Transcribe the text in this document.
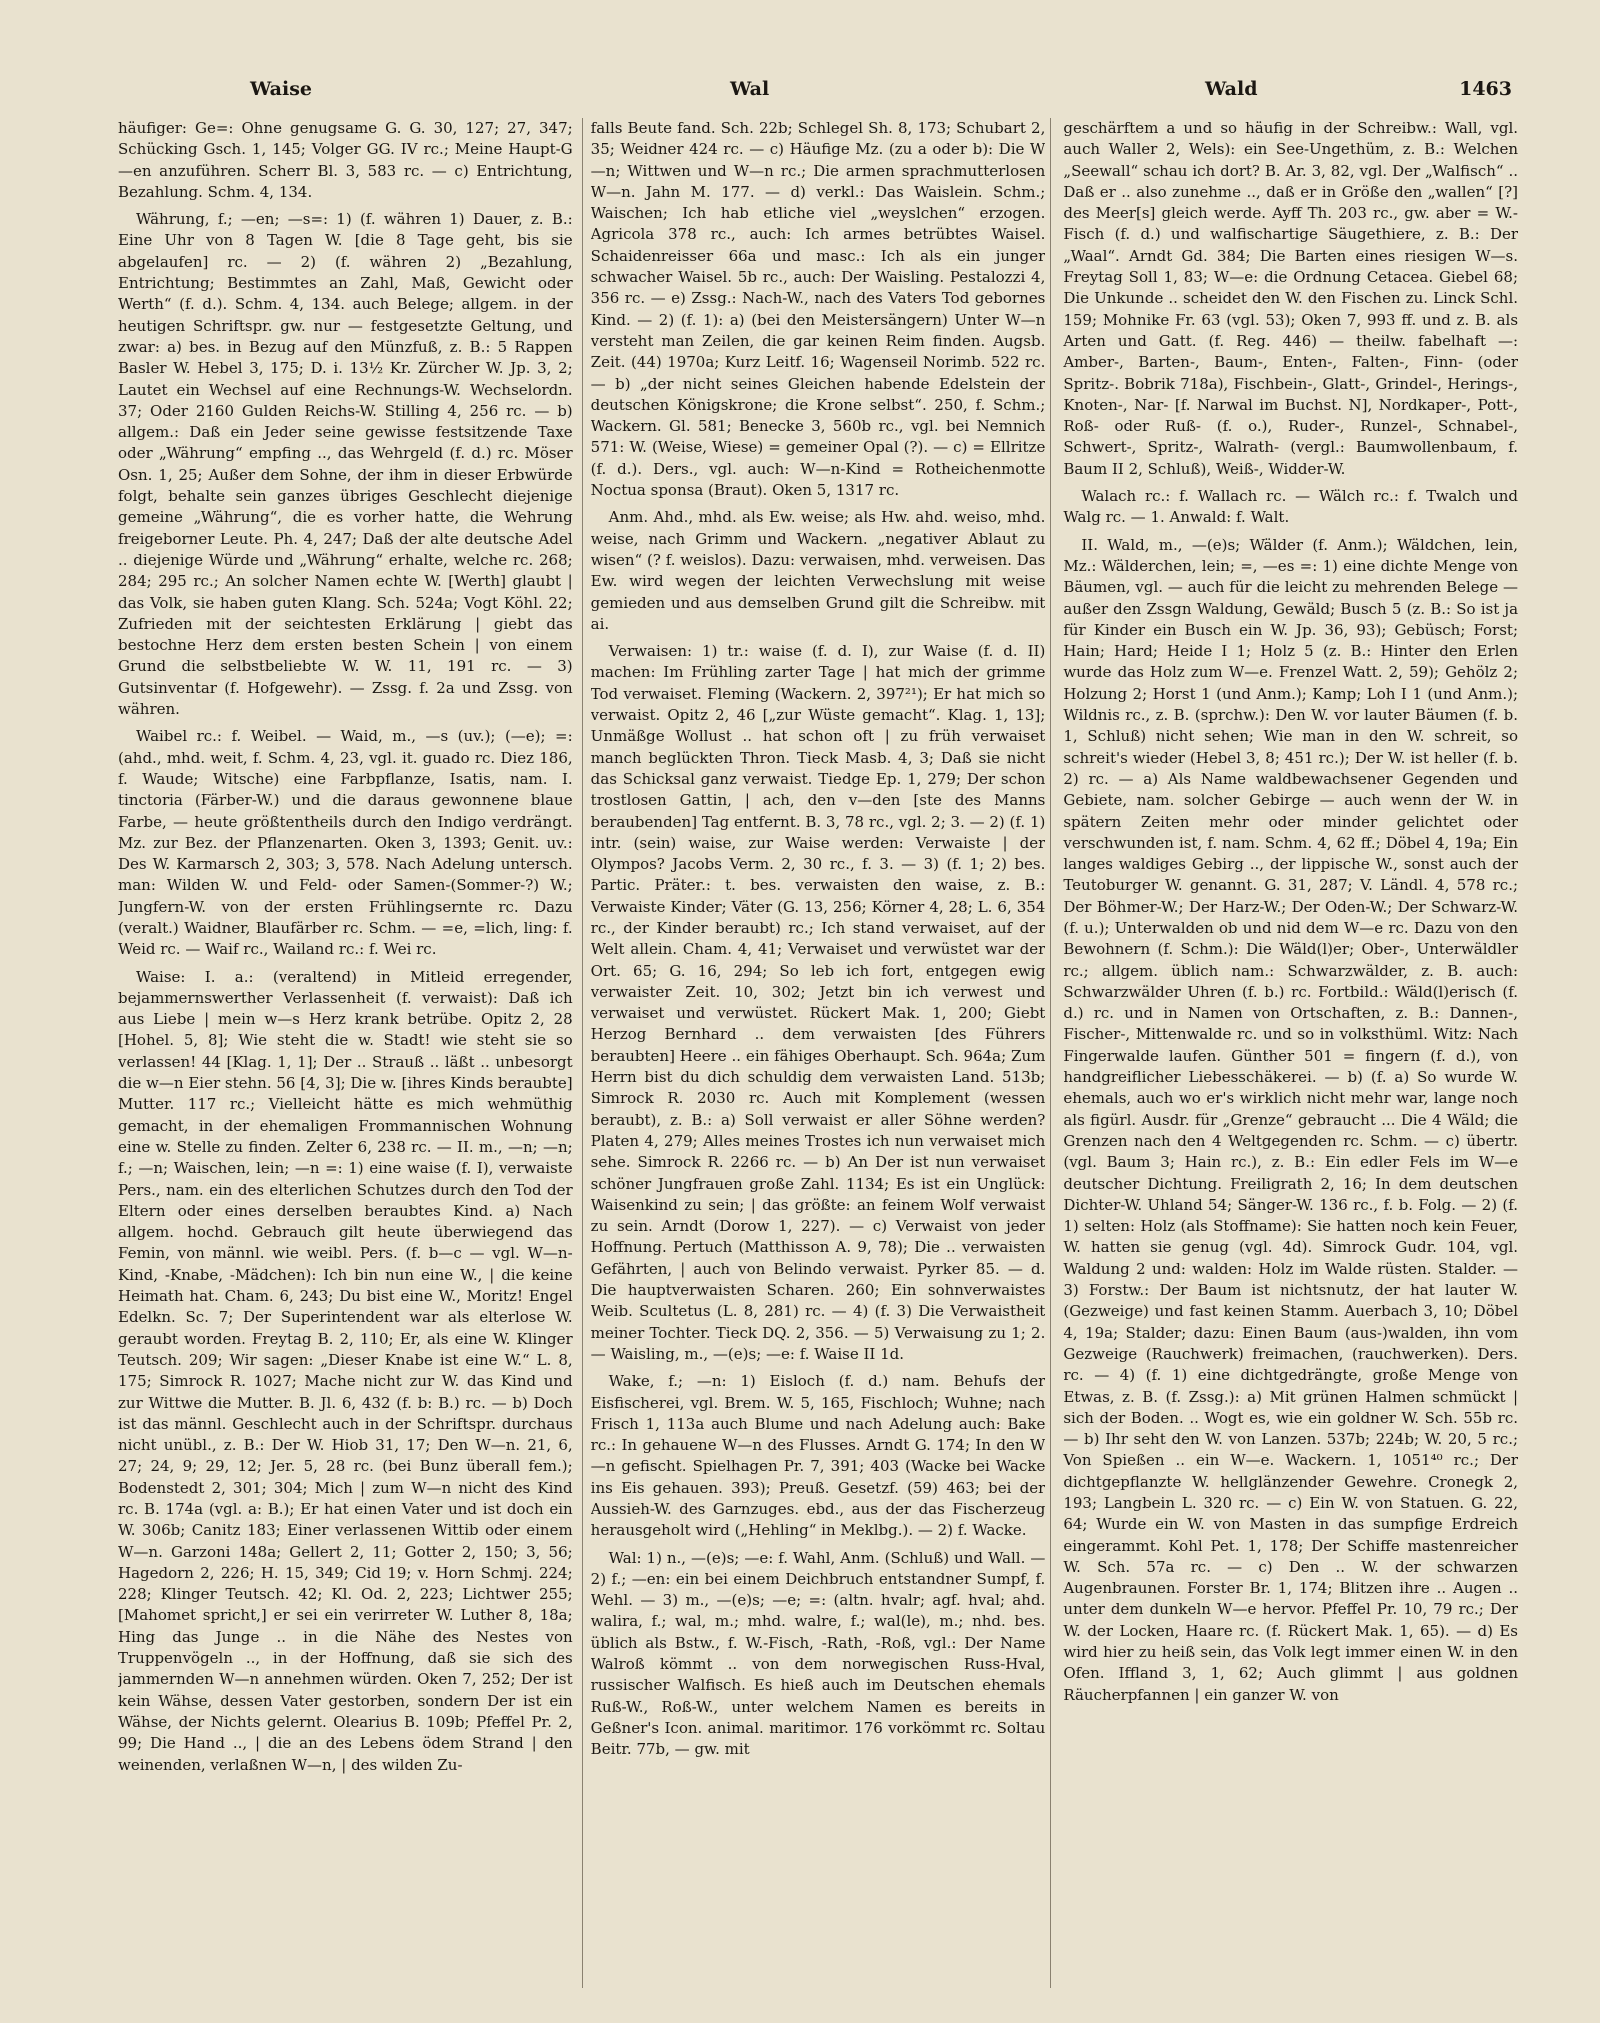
Waise	Wal	Wald	1463

häufiger: Ge=: Ohne genugsame G. G. 30, 127; 27, 347; Schücking Gsch. 1, 145; Volger GG. IV rc.; Meine Haupt-G—en anzuführen. Scherr Bl. 3, 583 rc. — c) Entrichtung, Bezahlung. Schm. 4, 134.

Währung, f.; —en; —s=: 1) (f. währen 1) Dauer, z. B.: Eine Uhr von 8 Tagen W. [die 8 Tage geht, bis sie abgelaufen] rc. — 2) (f. währen 2) „Bezahlung, Entrichtung; Bestimmtes an Zahl, Maß, Gewicht oder Werth“ (f. d.). Schm. 4, 134. auch Belege; allgem. in der heutigen Schriftspr. gw. nur — festgesetzte Geltung, und zwar: a) bes. in Bezug auf den Münzfuß, z. B.: 5 Rappen Basler W. Hebel 3, 175; D. i. 13½ Kr. Zürcher W. Jp. 3, 2; Lautet ein Wechsel auf eine Rechnungs-W. Wechselordn. 37; Oder 2160 Gulden Reichs-W. Stilling 4, 256 rc. — b) allgem.: Daß ein Jeder seine gewisse festsitzende Taxe oder „Währung“ empfing .., das Wehrgeld (f. d.) rc. Möser Osn. 1, 25; Außer dem Sohne, der ihm in dieser Erbwürde folgt, behalte sein ganzes übriges Geschlecht diejenige gemeine „Währung“, die es vorher hatte, die Wehrung freigeborner Leute. Ph. 4, 247; Daß der alte deutsche Adel .. diejenige Würde und „Währung“ erhalte, welche rc. 268; 284; 295 rc.; An solcher Namen echte W. [Werth] glaubt | das Volk, sie haben guten Klang. Sch. 524a; Vogt Köhl. 22; Zufrieden mit der seichtesten Erklärung | giebt das bestochne Herz dem ersten besten Schein | von einem Grund die selbstbeliebte W. W. 11, 191 rc. — 3) Gutsinventar (f. Hofgewehr). — Zssg. f. 2a und Zssg. von währen.

Waibel rc.: f. Weibel. — Waid, m., —s (uv.); (—e); =: (ahd., mhd. weit, f. Schm. 4, 23, vgl. it. guado rc. Diez 186, f. Waude; Witsche) eine Farbpflanze, Isatis, nam. I. tinctoria (Färber-W.) und die daraus gewonnene blaue Farbe, — heute größtentheils durch den Indigo verdrängt. Mz. zur Bez. der Pflanzenarten. Oken 3, 1393; Genit. uv.: Des W. Karmarsch 2, 303; 3, 578. Nach Adelung untersch. man: Wilden W. und Feld- oder Samen-(Sommer-?) W.; Jungfern-W. von der ersten Frühlingsernte rc. Dazu (veralt.) Waidner, Blaufärber rc. Schm. — =e, =lich, ling: f. Weid rc. — Waif rc., Wailand rc.: f. Wei rc.

Waise: I. a.: (veraltend) in Mitleid erregender, bejammernswerther Verlassenheit (f. verwaist): Daß ich aus Liebe | mein w—s Herz krank betrübe. Opitz 2, 28 [Hohel. 5, 8]; Wie steht die w. Stadt! wie steht sie so verlassen! 44 [Klag. 1, 1]; Der .. Strauß .. läßt .. unbesorgt die w—n Eier stehn. 56 [4, 3]; Die w. [ihres Kinds beraubte] Mutter. 117 rc.; Vielleicht hätte es mich wehmüthig gemacht, in der ehemaligen Frommannischen Wohnung eine w. Stelle zu finden. Zelter 6, 238 rc. — II. m., —n; —n; f.; —n; Waischen, lein; —n =: 1) eine waise (f. I), verwaiste Pers., nam. ein des elterlichen Schutzes durch den Tod der Eltern oder eines derselben beraubtes Kind. a) Nach allgem. hochd. Gebrauch gilt heute überwiegend das Femin, von männl. wie weibl. Pers. (f. b—c — vgl. W—n-Kind, -Knabe, -Mädchen): Ich bin nun eine W., | die keine Heimath hat. Cham. 6, 243; Du bist eine W., Moritz! Engel Edelkn. Sc. 7; Der Superintendent war als elterlose W. geraubt worden. Freytag B. 2, 110; Er, als eine W. Klinger Teutsch. 209; Wir sagen: „Dieser Knabe ist eine W.“ L. 8, 175; Simrock R. 1027; Mache nicht zur W. das Kind und zur Wittwe die Mutter. B. Jl. 6, 432 (f. b: B.) rc. — b) Doch ist das männl. Geschlecht auch in der Schriftspr. durchaus nicht unübl., z. B.: Der W. Hiob 31, 17; Den W—n. 21, 6, 27; 24, 9; 29, 12; Jer. 5, 28 rc. (bei Bunz überall fem.); Bodenstedt 2, 301; 304; Mich | zum W—n nicht des Kind rc. B. 174a (vgl. a: B.); Er hat einen Vater und ist doch ein W. 306b; Canitz 183; Einer verlassenen Wittib oder einem W—n. Garzoni 148a; Gellert 2, 11; Gotter 2, 150; 3, 56; Hagedorn 2, 226; H. 15, 349; Cid 19; v. Horn Schmj. 224; 228; Klinger Teutsch. 42; Kl. Od. 2, 223; Lichtwer 255; [Mahomet spricht,] er sei ein verirreter W. Luther 8, 18a; Hing das Junge .. in die Nähe des Nestes von Truppenvögeln .., in der Hoffnung, daß sie sich des jammernden W—n annehmen würden. Oken 7, 252; Der ist kein Wähse, dessen Vater gestorben, sondern Der ist ein Wähse, der Nichts gelernt. Olearius B. 109b; Pfeffel Pr. 2, 99; Die Hand .., | die an des Lebens ödem Strand | den weinenden, verlaßnen W—n, | des wilden Zu-

falls Beute fand. Sch. 22b; Schlegel Sh. 8, 173; Schubart 2, 35; Weidner 424 rc. — c) Häufige Mz. (zu a oder b): Die W—n; Wittwen und W—n rc.; Die armen sprachmutterlosen W—n. Jahn M. 177. — d) verkl.: Das Waislein. Schm.; Waischen; Ich hab etliche viel „weyslchen“ erzogen. Agricola 378 rc., auch: Ich armes betrübtes Waisel. Schaidenreisser 66a und masc.: Ich als ein junger schwacher Waisel. 5b rc., auch: Der Waisling. Pestalozzi 4, 356 rc. — e) Zssg.: Nach-W., nach des Vaters Tod gebornes Kind. — 2) (f. 1): a) (bei den Meistersängern) Unter W—n versteht man Zeilen, die gar keinen Reim finden. Augsb. Zeit. (44) 1970a; Kurz Leitf. 16; Wagenseil Norimb. 522 rc. — b) „der nicht seines Gleichen habende Edelstein der deutschen Königskrone; die Krone selbst“. 250, f. Schm.; Wackern. Gl. 581; Benecke 3, 560b rc., vgl. bei Nemnich 571: W. (Weise, Wiese) = gemeiner Opal (?). — c) = Ellritze (f. d.). Ders., vgl. auch: W—n-Kind = Rotheichenmotte Noctua sponsa (Braut). Oken 5, 1317 rc.

Anm. Ahd., mhd. als Ew. weise; als Hw. ahd. weiso, mhd. weise, nach Grimm und Wackern. „negativer Ablaut zu wisen“ (? f. weislos). Dazu: verwaisen, mhd. verweisen. Das Ew. wird wegen der leichten Verwechslung mit weise gemieden und aus demselben Grund gilt die Schreibw. mit ai.

Verwaisen: 1) tr.: waise (f. d. I), zur Waise (f. d. II) machen: Im Frühling zarter Tage | hat mich der grimme Tod verwaiset. Fleming (Wackern. 2, 397²¹); Er hat mich so verwaist. Opitz 2, 46 [„zur Wüste gemacht“. Klag. 1, 13]; Unmäßge Wollust .. hat schon oft | zu früh verwaiset manch beglückten Thron. Tieck Masb. 4, 3; Daß sie nicht das Schicksal ganz verwaist. Tiedge Ep. 1, 279; Der schon trostlosen Gattin, | ach, den v—den [ste des Manns beraubenden] Tag entfernt. B. 3, 78 rc., vgl. 2; 3. — 2) (f. 1) intr. (sein) waise, zur Waise werden: Verwaiste | der Olympos? Jacobs Verm. 2, 30 rc., f. 3. — 3) (f. 1; 2) bes. Partic. Präter.: t. bes. verwaisten den waise, z. B.: Verwaiste Kinder; Väter (G. 13, 256; Körner 4, 28; L. 6, 354 rc., der Kinder beraubt) rc.; Ich stand verwaiset, auf der Welt allein. Cham. 4, 41; Verwaiset und verwüstet war der Ort. 65; G. 16, 294; So leb ich fort, entgegen ewig verwaister Zeit. 10, 302; Jetzt bin ich verwest und verwaiset und verwüstet. Rückert Mak. 1, 200; Giebt Herzog Bernhard .. dem verwaisten [des Führers beraubten] Heere .. ein fähiges Oberhaupt. Sch. 964a; Zum Herrn bist du dich schuldig dem verwaisten Land. 513b; Simrock R. 2030 rc. Auch mit Komplement (wessen beraubt), z. B.: a) Soll verwaist er aller Söhne werden? Platen 4, 279; Alles meines Trostes ich nun verwaiset mich sehe. Simrock R. 2266 rc. — b) An Der ist nun verwaiset schöner Jungfrauen große Zahl. 1134; Es ist ein Unglück: Waisenkind zu sein; | das größte: an feinem Wolf verwaist zu sein. Arndt (Dorow 1, 227). — c) Verwaist von jeder Hoffnung. Pertuch (Matthisson A. 9, 78); Die .. verwaisten Gefährten, | auch von Belindo verwaist. Pyrker 85. — d. Die hauptverwaisten Scharen. 260; Ein sohnverwaistes Weib. Scultetus (L. 8, 281) rc. — 4) (f. 3) Die Verwaistheit meiner Tochter. Tieck DQ. 2, 356. — 5) Verwaisung zu 1; 2. — Waisling, m., —(e)s; —e: f. Waise II 1d.

Wake, f.; —n: 1) Eisloch (f. d.) nam. Behufs der Eisfischerei, vgl. Brem. W. 5, 165, Fischloch; Wuhne; nach Frisch 1, 113a auch Blume und nach Adelung auch: Bake rc.: In gehauene W—n des Flusses. Arndt G. 174; In den W—n gefischt. Spielhagen Pr. 7, 391; 403 (Wacke bei Wacke ins Eis gehauen. 393); Preuß. Gesetzf. (59) 463; bei der Aussieh-W. des Garnzuges. ebd., aus der das Fischerzeug herausgeholt wird („Hehling“ in Meklbg.). — 2) f. Wacke.

Wal: 1) n., —(e)s; —e: f. Wahl, Anm. (Schluß) und Wall. — 2) f.; —en: ein bei einem Deichbruch entstandner Sumpf, f. Wehl. — 3) m., —(e)s; —e; =: (altn. hvalr; agf. hval; ahd. walira, f.; wal, m.; mhd. walre, f.; wal(le), m.; nhd. bes. üblich als Bstw., f. W.-Fisch, -Rath, -Roß, vgl.: Der Name Walroß kömmt .. von dem norwegischen Russ-Hval, russischer Walfisch. Es hieß auch im Deutschen ehemals Ruß-W., Roß-W., unter welchem Namen es bereits in Geßner's Icon. animal. maritimor. 176 vorkömmt rc. Soltau Beitr. 77b, — gw. mit

geschärftem a und so häufig in der Schreibw.: Wall, vgl. auch Waller 2, Wels): ein See-Ungethüm, z. B.: Welchen „Seewall“ schau ich dort? B. Ar. 3, 82, vgl. Der „Walfisch“ .. Daß er .. also zunehme .., daß er in Größe den „wallen“ [?] des Meer[s] gleich werde. Ayff Th. 203 rc., gw. aber = W.-Fisch (f. d.) und walfischartige Säugethiere, z. B.: Der „Waal“. Arndt Gd. 384; Die Barten eines riesigen W—s. Freytag Soll 1, 83; W—e: die Ordnung Cetacea. Giebel 68; Die Unkunde .. scheidet den W. den Fischen zu. Linck Schl. 159; Mohnike Fr. 63 (vgl. 53); Oken 7, 993 ff. und z. B. als Arten und Gatt. (f. Reg. 446) — theilw. fabelhaft —: Amber-, Barten-, Baum-, Enten-, Falten-, Finn- (oder Spritz-. Bobrik 718a), Fischbein-, Glatt-, Grindel-, Herings-, Knoten-, Nar- [f. Narwal im Buchst. N], Nordkaper-, Pott-, Roß- oder Ruß- (f. o.), Ruder-, Runzel-, Schnabel-, Schwert-, Spritz-, Walrath- (vergl.: Baumwollenbaum, f. Baum II 2, Schluß), Weiß-, Widder-W.

Walach rc.: f. Wallach rc. — Wälch rc.: f. Twalch und Walg rc. — 1. Anwald: f. Walt.

II. Wald, m., —(e)s; Wälder (f. Anm.); Wäldchen, lein, Mz.: Wälderchen, lein; =, —es =: 1) eine dichte Menge von Bäumen, vgl. — auch für die leicht zu mehrenden Belege — außer den Zssgn Waldung, Gewäld; Busch 5 (z. B.: So ist ja für Kinder ein Busch ein W. Jp. 36, 93); Gebüsch; Forst; Hain; Hard; Heide I 1; Holz 5 (z. B.: Hinter den Erlen wurde das Holz zum W—e. Frenzel Watt. 2, 59); Gehölz 2; Holzung 2; Horst 1 (und Anm.); Kamp; Loh I 1 (und Anm.); Wildnis rc., z. B. (sprchw.): Den W. vor lauter Bäumen (f. b. 1, Schluß) nicht sehen; Wie man in den W. schreit, so schreit's wieder (Hebel 3, 8; 451 rc.); Der W. ist heller (f. b. 2) rc. — a) Als Name waldbewachsener Gegenden und Gebiete, nam. solcher Gebirge — auch wenn der W. in spätern Zeiten mehr oder minder gelichtet oder verschwunden ist, f. nam. Schm. 4, 62 ff.; Döbel 4, 19a; Ein langes waldiges Gebirg .., der lippische W., sonst auch der Teutoburger W. genannt. G. 31, 287; V. Ländl. 4, 578 rc.; Der Böhmer-W.; Der Harz-W.; Der Oden-W.; Der Schwarz-W. (f. u.); Unterwalden ob und nid dem W—e rc. Dazu von den Bewohnern (f. Schm.): Die Wäld(l)er; Ober-, Unterwäldler rc.; allgem. üblich nam.: Schwarzwälder, z. B. auch: Schwarzwälder Uhren (f. b.) rc. Fortbild.: Wäld(l)erisch (f. d.) rc. und in Namen von Ortschaften, z. B.: Dannen-, Fischer-, Mittenwalde rc. und so in volksthüml. Witz: Nach Fingerwalde laufen. Günther 501 = fingern (f. d.), von handgreiflicher Liebesschäkerei. — b) (f. a) So wurde W. ehemals, auch wo er's wirklich nicht mehr war, lange noch als figürl. Ausdr. für „Grenze“ gebraucht ... Die 4 Wäld; die Grenzen nach den 4 Weltgegenden rc. Schm. — c) übertr. (vgl. Baum 3; Hain rc.), z. B.: Ein edler Fels im W—e deutscher Dichtung. Freiligrath 2, 16; In dem deutschen Dichter-W. Uhland 54; Sänger-W. 136 rc., f. b. Folg. — 2) (f. 1) selten: Holz (als Stoffname): Sie hatten noch kein Feuer, W. hatten sie genug (vgl. 4d). Simrock Gudr. 104, vgl. Waldung 2 und: walden: Holz im Walde rüsten. Stalder. — 3) Forstw.: Der Baum ist nichtsnutz, der hat lauter W. (Gezweige) und fast keinen Stamm. Auerbach 3, 10; Döbel 4, 19a; Stalder; dazu: Einen Baum (aus-)walden, ihn vom Gezweige (Rauchwerk) freimachen, (rauchwerken). Ders. rc. — 4) (f. 1) eine dichtgedrängte, große Menge von Etwas, z. B. (f. Zssg.): a) Mit grünen Halmen schmückt | sich der Boden. .. Wogt es, wie ein goldner W. Sch. 55b rc. — b) Ihr seht den W. von Lanzen. 537b; 224b; W. 20, 5 rc.; Von Spießen .. ein W—e. Wackern. 1, 1051⁴⁰ rc.; Der dichtgepflanzte W. hellglänzender Gewehre. Cronegk 2, 193; Langbein L. 320 rc. — c) Ein W. von Statuen. G. 22, 64; Wurde ein W. von Masten in das sumpfige Erdreich eingerammt. Kohl Pet. 1, 178; Der Schiffe mastenreicher W. Sch. 57a rc. — c) Den .. W. der schwarzen Augenbraunen. Forster Br. 1, 174; Blitzen ihre .. Augen .. unter dem dunkeln W—e hervor. Pfeffel Pr. 10, 79 rc.; Der W. der Locken, Haare rc. (f. Rückert Mak. 1, 65). — d) Es wird hier zu heiß sein, das Volk legt immer einen W. in den Ofen. Iffland 3, 1, 62; Auch glimmt | aus goldnen Räucherpfannen | ein ganzer W. von
